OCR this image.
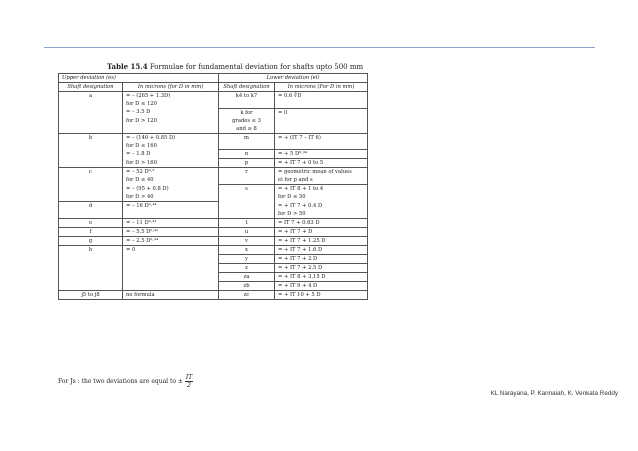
Table 15.4 Formulae for fundamental deviation for shafts upto 500 mm
Upper deviation (es)		Lower deviation (ei)	
Shaft designation	In microns (for D in mm)	Shaft designation	In microns (For D in mm)
a	= – (265 + 1.3D)	k4 to k7	= 0.6 ∛D
	for D ≤ 120		
	= – 3.5 D	k for	= 0
	for D > 120	grades ≤ 3	
		and ≥ 8	
b	= – (140 + 0.85 D)	m	= + (IT 7 – IT 6)
	for D ≤ 160		
	= – 1.8 D	n	= + 5 D⁰·³⁴
	for D > 160	p	= + IT 7 + 0 to 5
c	= – 52 D⁰·²	r	= geometric mean of values
	for D ≤ 40		ei for p and s
	= – (95 + 0.8 D)	s	= + IT 8 + 1 to 4
	for D > 40		for D ≤ 50
d	= – 16 D⁰·⁴⁴		= + IT 7 + 0.4 D
			for D > 50
e	= – 11 D⁰·⁴¹	t	= IT 7 + 0.63 D
f	= – 5.5 D⁰·⁴¹	u	= + IT 7 + D
g	= – 2.5 D⁰·³⁴	v	= + IT 7 + 1.25 D
h	= 0	x	= + IT 7 + 1.6 D
		y	= + IT 7 + 2 D
		z	= + IT 7 + 2.5 D
		za	= + IT 8 + 3.15 D
		zb	= + IT 9 + 4 D
j5 to j8	no formula	zc	= + IT 10 + 5 D
For Js : the two deviations are equal to ± $\frac{IT}{2}$
KL Narayana, P. Kannaiah, K. Venkata Reddy
